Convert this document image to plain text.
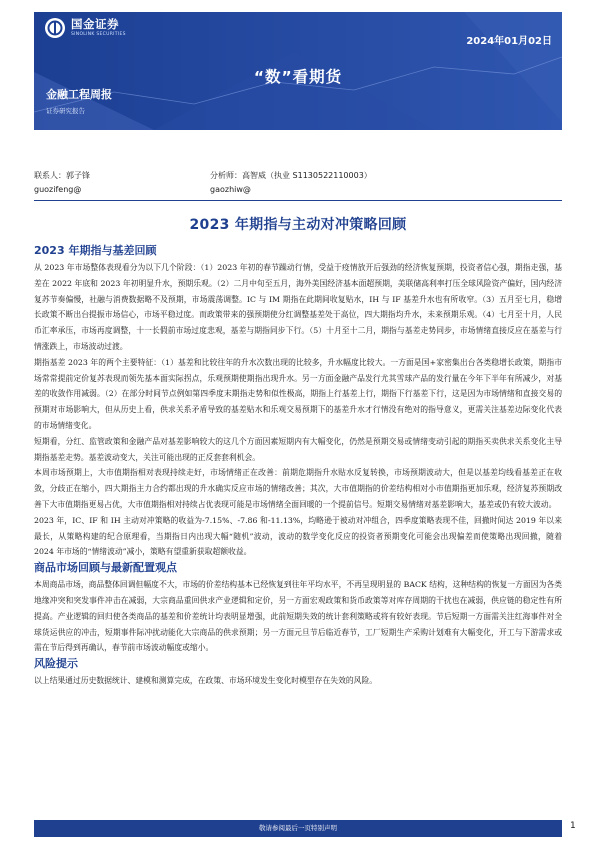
国金证券
SINOLINK SECURITIES
2024年01月02日
“数”看期货
金融工程周报
证券研究报告
联系人：郭子锋
guozifeng@
分析师：高智威（执业 S1130522110003）
gaozhiw@
2023 年期指与主动对冲策略回顾
2023 年期指与基差回顾

从 2023 年市场整体表现看分为以下几个阶段：（1）2023 年初的春节躁动行情，受益于疫情放开后强劲的经济恢复预期，投资者信心强，期指走强，基差在 2022 年底和 2023 年初明显升水，预期乐观。（2）二月中旬至五月，海外美国经济基本面超预期，美联储高利率打压全球风险资产偏好，国内经济复苏节奏偏慢，社融与消费数据略不及预期，市场震荡调整。IC 与 IM 期指在此期间收复贴水，IH 与 IF 基差升水也有所收窄。（3）五月至七月，稳增长政策不断出台提振市场信心，市场平稳过度。而政策带来的强预期使分红调整基差处于高位，四大期指均升水，未来预期乐观。（4）七月至十月，人民币汇率承压，市场再度调整，十一长假前市场过度悲观，基差与期指同步下行。（5）十月至十二月，期指与基差走势同步，市场情绪直接反应在基差与行情涨跌上，市场波动过渡。

期指基差 2023 年的两个主要特征：（1）基差和比较往年的升水次数出现的比较多，升水幅度比较大。一方面是国+家密集出台各类稳增长政策，期指市场常常提前定价复苏表现而领先基本面实际拐点，乐观预期使期指出现升水。另一方面金融产品发行尤其雪球产品的发行量在今年下半年有所减少，对基差的收敛作用减弱。（2）在部分时间节点例如第四季度末期指走势和似性极高，期指上行基差上行，期指下行基差下行，这是因为市场情绪和直接交易的预期对市场影响大，但从历史上看，供求关系矛盾导致的基差贴水和乐观交易预期下的基差升水才行情没有绝对的指导意义，更需关注基差边际变化代表的市场情绪变化。

短期看，分红、监管政策和金融产品对基差影响较大的这几个方面因素短期内有大幅变化，仍然是预期交易或情绪变动引起的期指买卖供求关系变化主导期指基差走势。基差波动变大，关注可能出现的正反套套利机会。

本周市场预期上，大市值期指相对表现持续走好，市场情绪正在改善：前期危期指升水贴水反复转换，市场预期波动大，但是以基差均线看基差正在收敛，分歧正在缩小，四大期指主力合约都出现的升水确实反应市场的情绪改善；其次，大市值期指的价差结构相对小市值期指更加乐观，经济复苏预期改善下大市值期指更易占优，大市值期指相对持续占优表现可能是市场情绪全面回暖的一个提前信号。短期交易情绪对基差影响大，基差或仍有较大波动。

2023 年，IC、IF 和 IH 主动对冲策略的收益为-7.15%、-7.86 和-11.13%，均略逊于被动对冲组合，四季度策略表现不佳，回撤时间达 2019 年以来最长，从策略构建的纪合原理看，当期指日内出现大幅“随机”波动，波动的数学变化反应的投资者预期变化可能会出现偏差而使策略出现回撤，随着 2024 年市场的“情绪波动”减小，策略有望重新获取超额收益。

商品市场回顾与最新配置观点

本周商品市场，商品整体回调但幅度不大，市场的价差结构基本已经恢复到往年平均水平，不再呈现明显的 BACK 结构，这种结构的恢复一方面因为各类地缘冲突和突发事件冲击在减弱，大宗商品重回供求产业逻辑和定价，另一方面宏观政策和货币政策等对库存周期的干扰也在减弱，供应链的稳定性有所提高。产业逻辑的回归使各类商品的基差和价差统计均表明显增强，此前短期失效的统计套利策略或将有较好表现。节后短期一方面需关注红海事件对全球货运供应的冲击，短期事件际冲扰动能化大宗商品的供求预期；另一方面元旦节后临近春节，工厂短期生产采购计划难有大幅变化，开工与下游需求或需在节后得到再确认，春节前市场波动幅度或缩小。

风险提示

以上结果通过历史数据统计、建模和测算完成，在政策、市场环境发生变化时模型存在失效的风险。

敬请参阅最后一页特别声明	1
